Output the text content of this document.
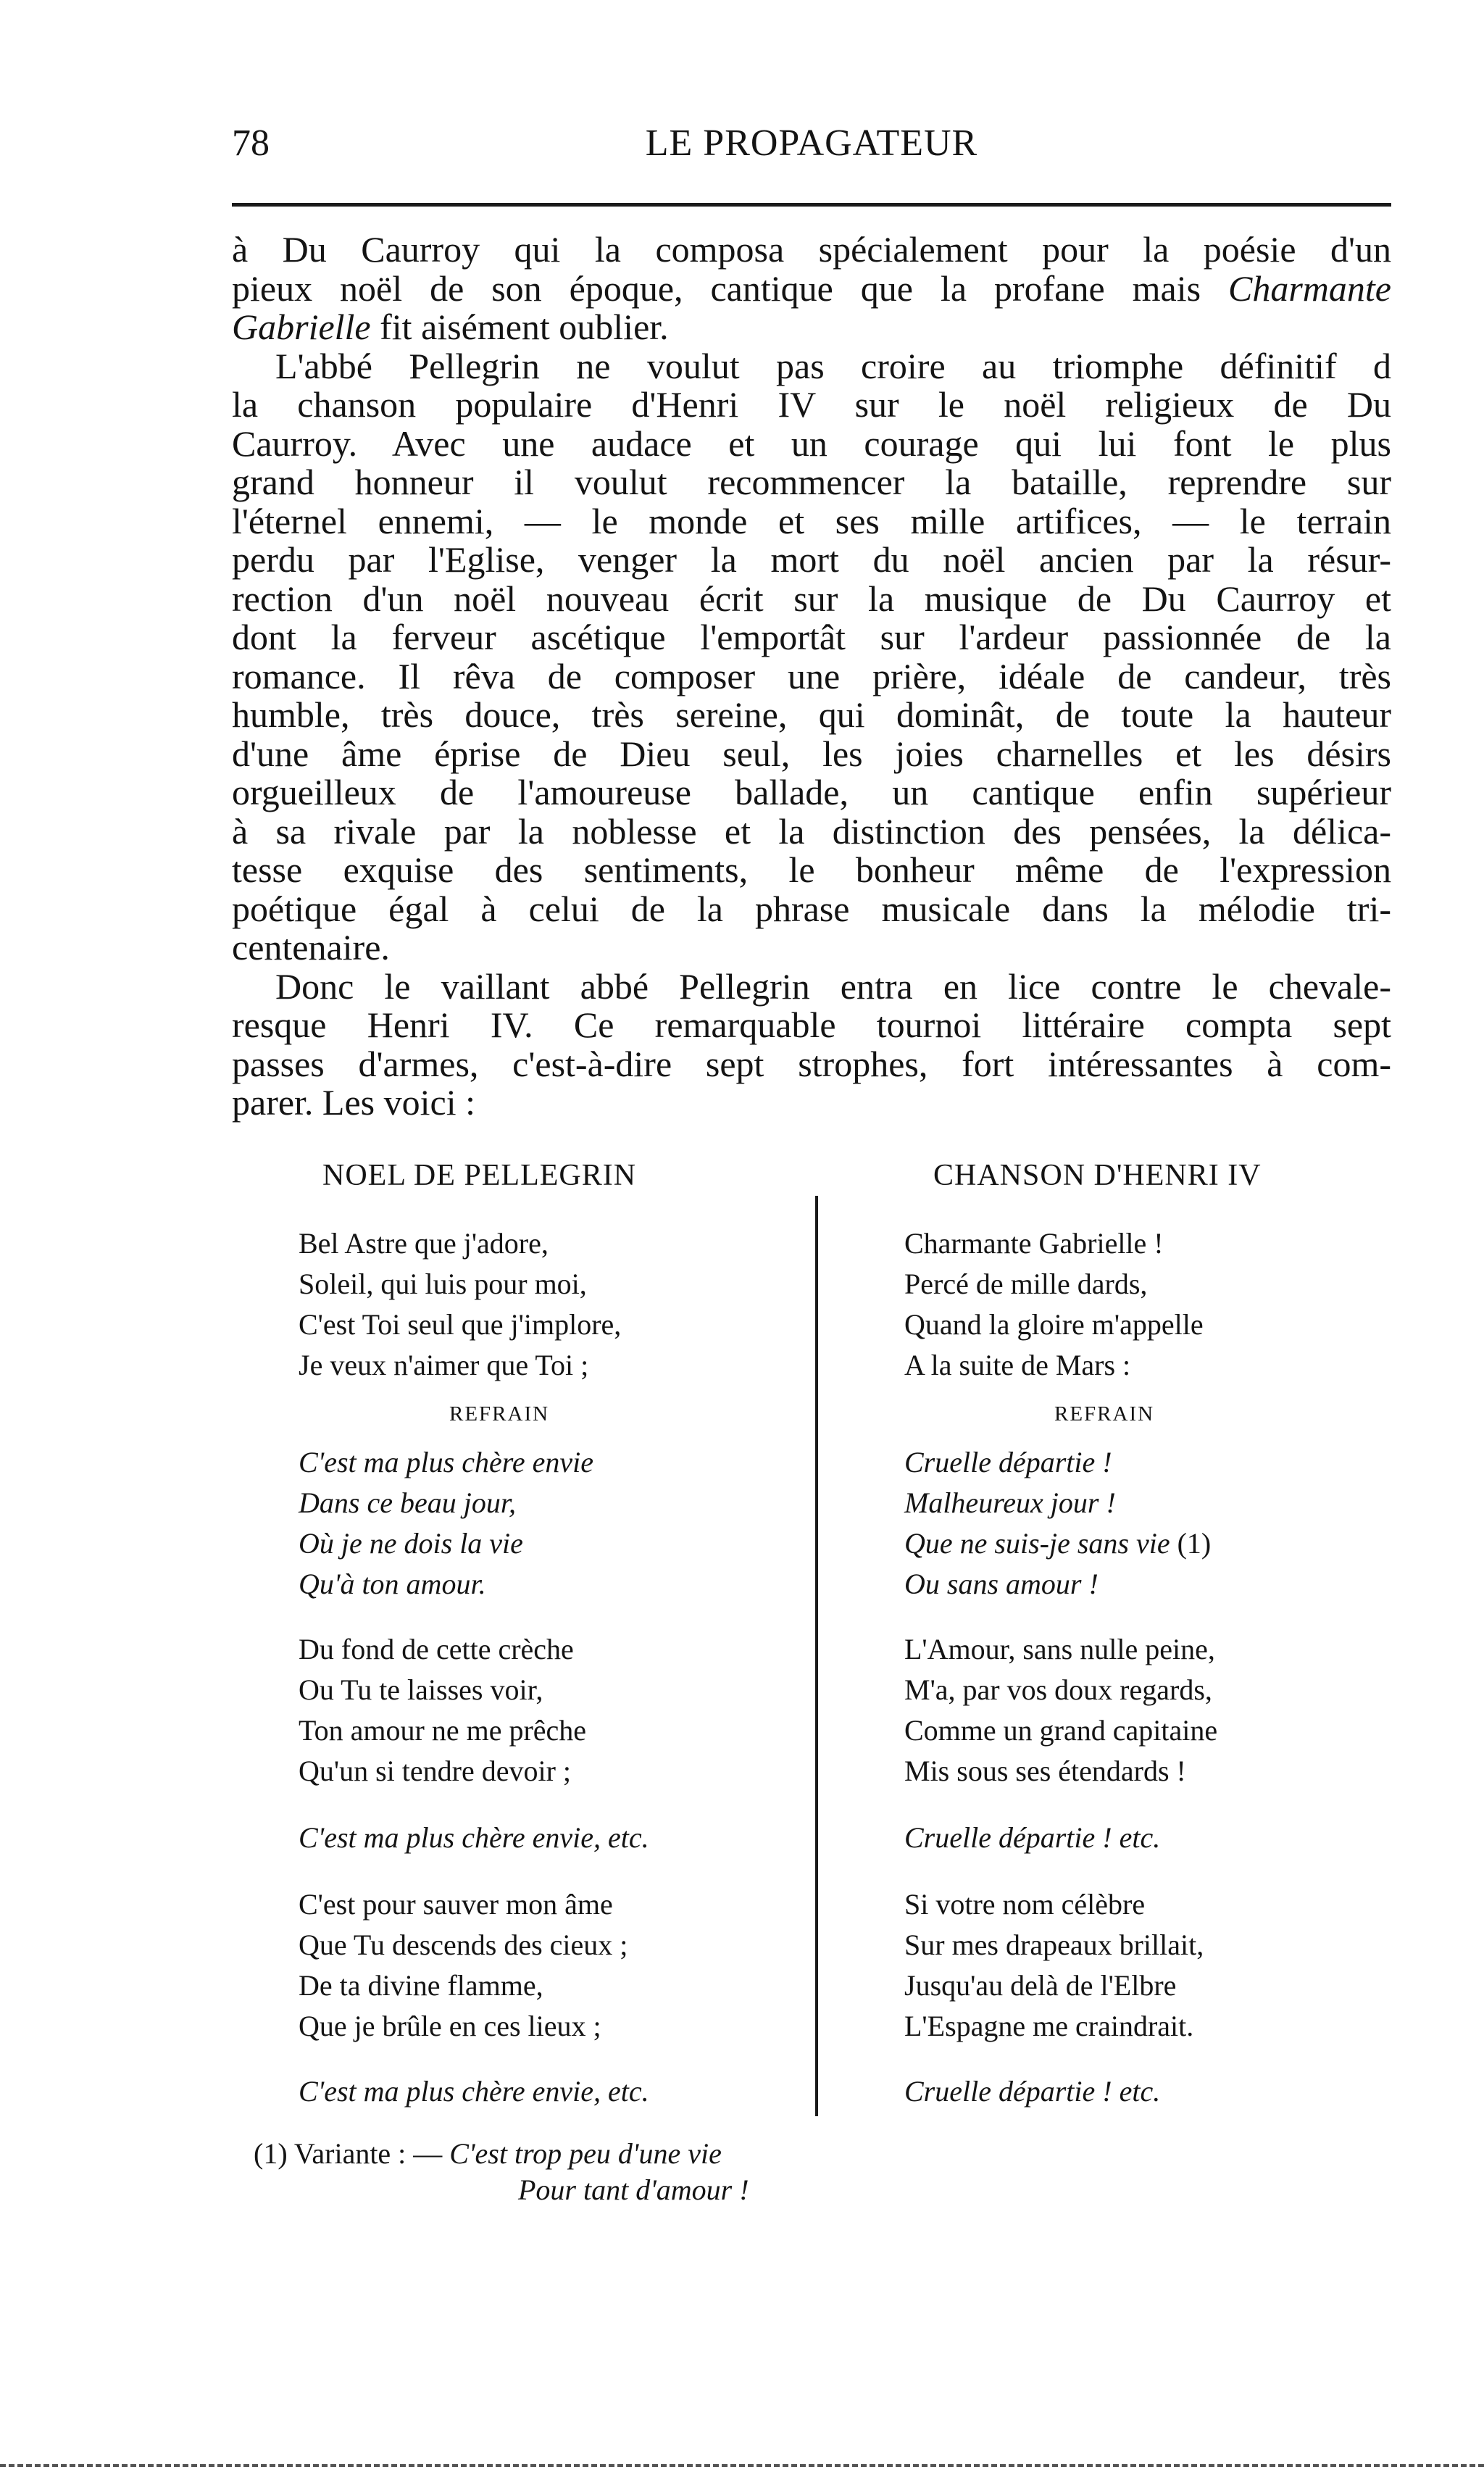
78	LE PROPAGATEUR
à Du Caurroy qui la composa spécialement pour la poésie d'un
pieux noël de son époque, cantique que la profane mais Charmante
Gabrielle fit aisément oublier.
L'abbé Pellegrin ne voulut pas croire au triomphe définitif d
la chanson populaire d'Henri IV sur le noël religieux de Du
Caurroy. Avec une audace et un courage qui lui font le plus
grand honneur il voulut recommencer la bataille, reprendre sur
l'éternel ennemi, — le monde et ses mille artifices, — le terrain
perdu par l'Eglise, venger la mort du noël ancien par la résur-
rection d'un noël nouveau écrit sur la musique de Du Caurroy et
dont la ferveur ascétique l'emportât sur l'ardeur passionnée de la
romance. Il rêva de composer une prière, idéale de candeur, très
humble, très douce, très sereine, qui dominât, de toute la hauteur
d'une âme éprise de Dieu seul, les joies charnelles et les désirs
orgueilleux de l'amoureuse ballade, un cantique enfin supérieur
à sa rivale par la noblesse et la distinction des pensées, la délica-
tesse exquise des sentiments, le bonheur même de l'expression
poétique égal à celui de la phrase musicale dans la mélodie tri-
centenaire.
Donc le vaillant abbé Pellegrin entra en lice contre le chevale-
resque Henri IV. Ce remarquable tournoi littéraire compta sept
passes d'armes, c'est-à-dire sept strophes, fort intéressantes à com-
parer. Les voici :
NOEL DE PELLEGRIN
Bel Astre que j'adore,
Soleil, qui luis pour moi,
C'est Toi seul que j'implore,
Je veux n'aimer que Toi ;
REFRAIN
C'est ma plus chère envie
Dans ce beau jour,
Où je ne dois la vie
Qu'à ton amour.
Du fond de cette crèche
Ou Tu te laisses voir,
Ton amour ne me prêche
Qu'un si tendre devoir ;
C'est ma plus chère envie, etc.
C'est pour sauver mon âme
Que Tu descends des cieux ;
De ta divine flamme,
Que je brûle en ces lieux ;
C'est ma plus chère envie, etc.
CHANSON D'HENRI IV
Charmante Gabrielle !
Percé de mille dards,
Quand la gloire m'appelle
A la suite de Mars :
REFRAIN
Cruelle départie !
Malheureux jour !
Que ne suis-je sans vie (1)
Ou sans amour !
L'Amour, sans nulle peine,
M'a, par vos doux regards,
Comme un grand capitaine
Mis sous ses étendards !
Cruelle départie ! etc.
Si votre nom célèbre
Sur mes drapeaux brillait,
Jusqu'au delà de l'Elbre
L'Espagne me craindrait.
Cruelle départie ! etc.
(1) Variante : — C'est trop peu d'une vie
Pour tant d'amour !
